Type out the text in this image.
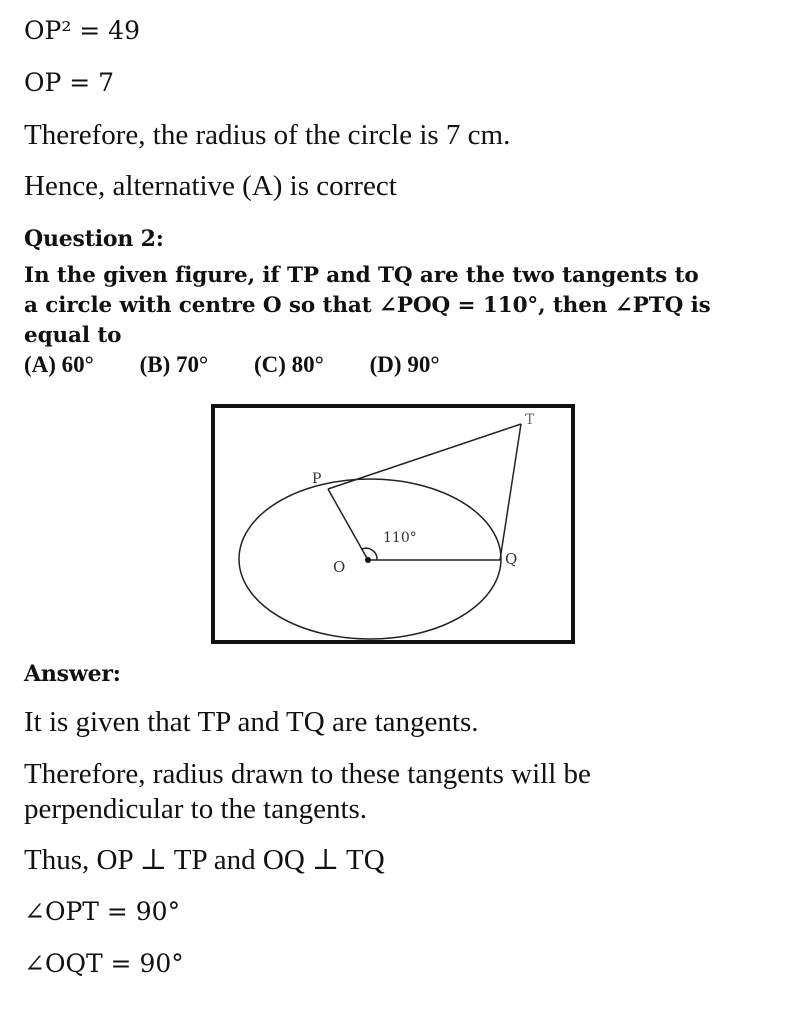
OP² = 49
OP = 7
Therefore, the radius of the circle is 7 cm.
Hence, alternative (A) is correct
Question 2:
In the given figure, if TP and TQ are the two tangents to
a circle with centre O so that ∠POQ = 110°, then ∠PTQ is
equal to
(A) 60° (B) 70° (C) 80° (D) 90°
P
T
O	Q
110°
Answer:
It is given that TP and TQ are tangents.
Therefore, radius drawn to these tangents will be
perpendicular to the tangents.
Thus, OP ⊥ TP and OQ ⊥ TQ
∠OPT = 90°
∠OQT = 90°
